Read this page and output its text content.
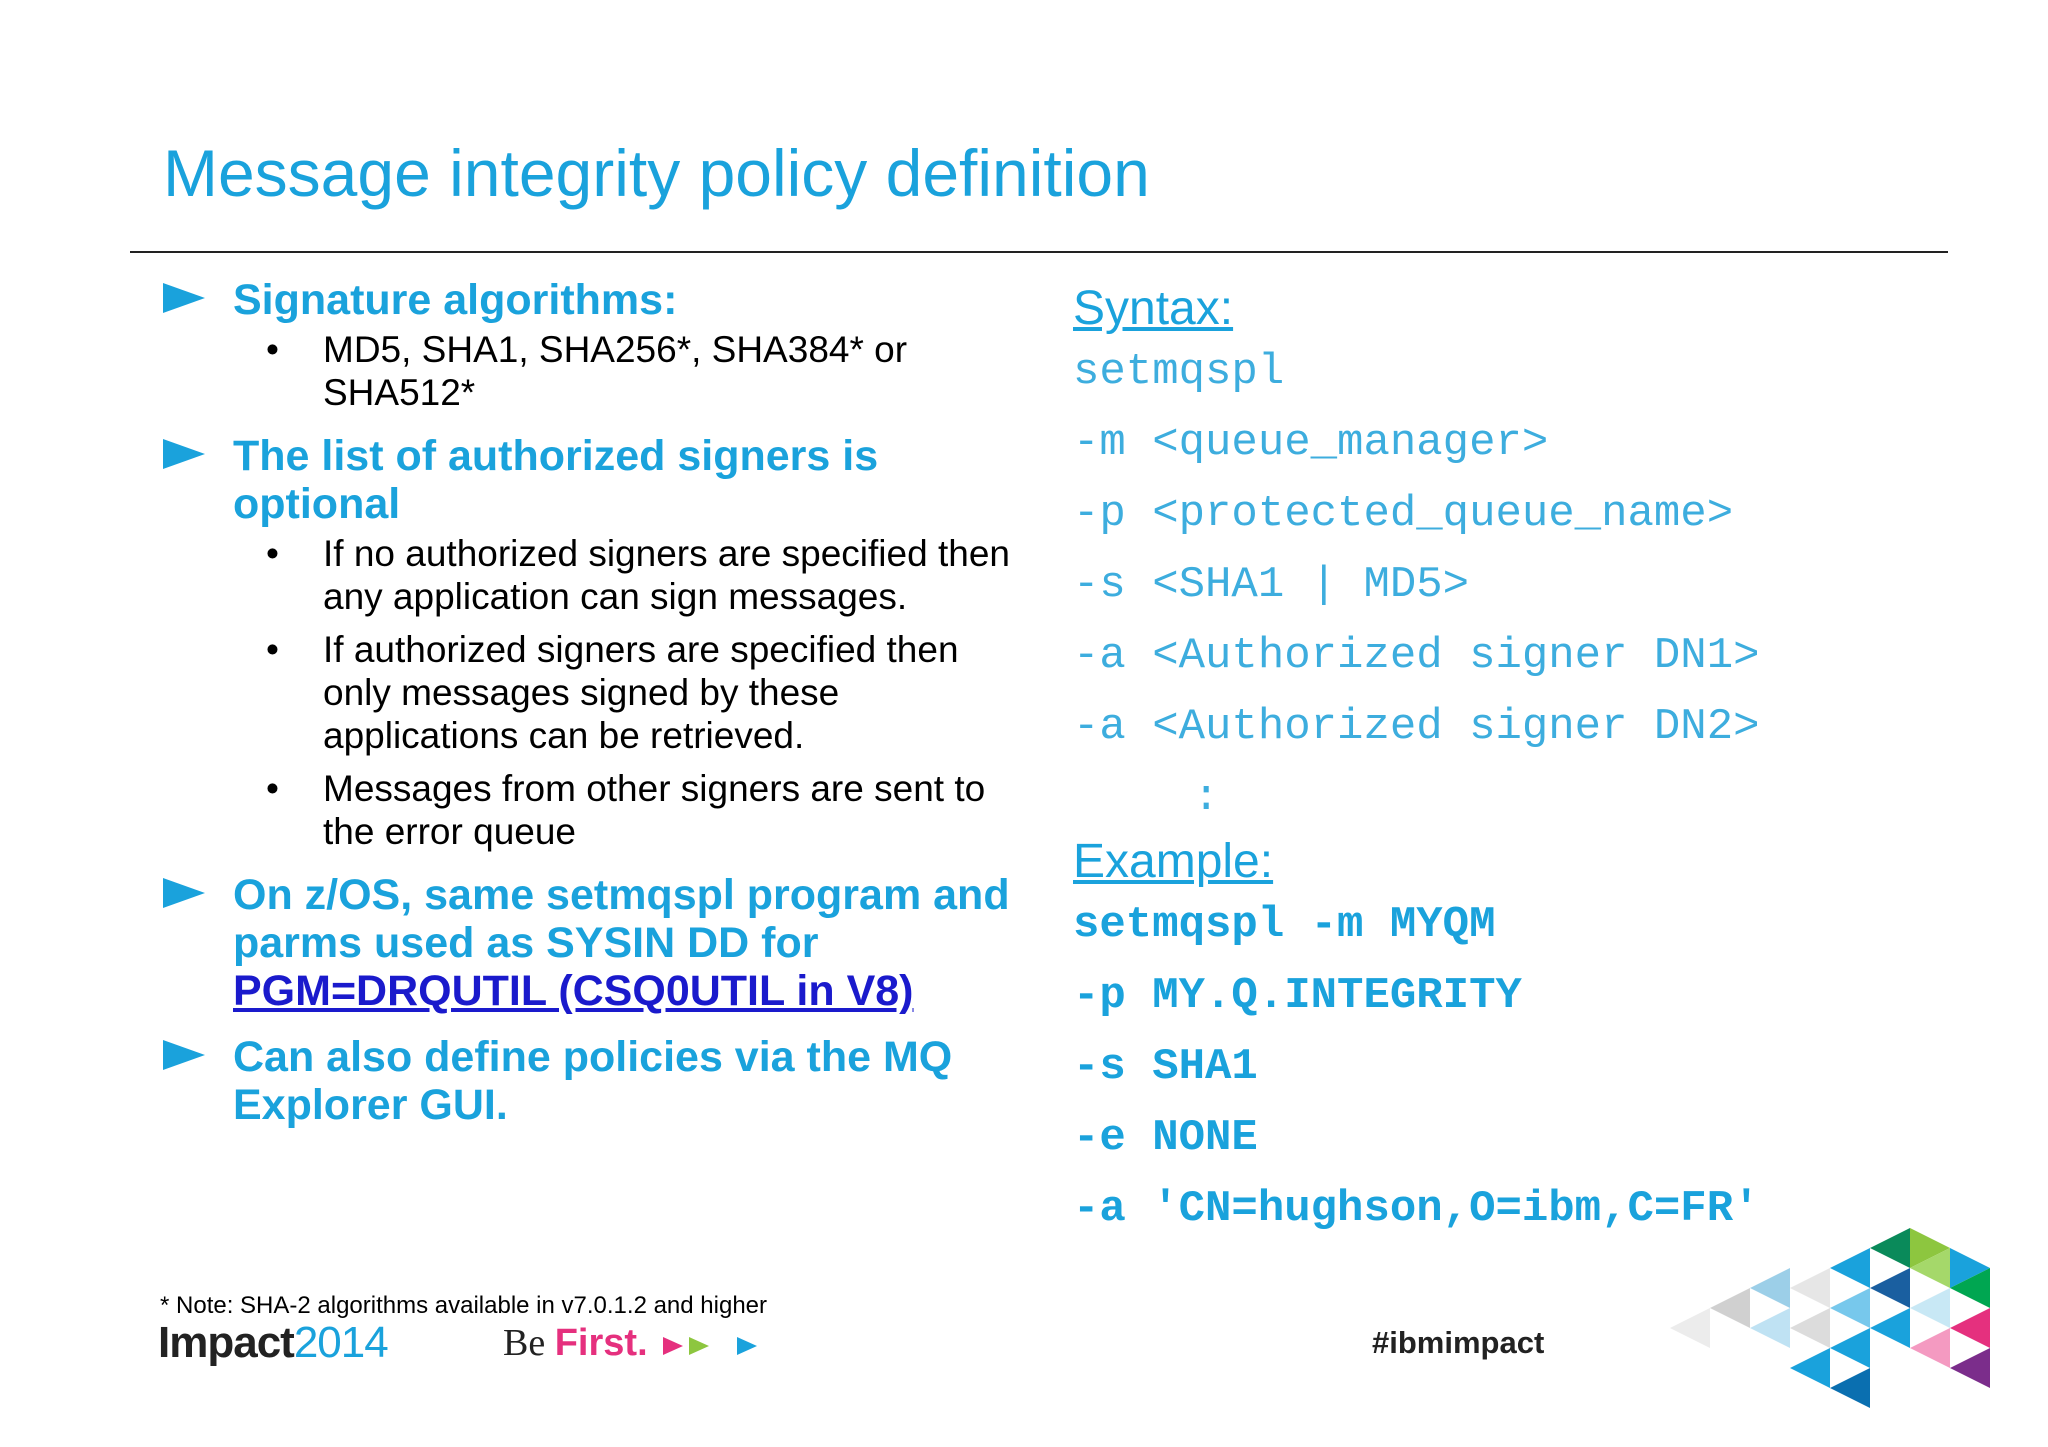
Message integrity policy definition
Signature algorithms:
• MD5, SHA1, SHA256*, SHA384* or SHA512*
The list of authorized signers is optional
• If no authorized signers are specified then any application can sign messages.
• If authorized signers are specified then only messages signed by these applications can be retrieved.
• Messages from other signers are sent to the error queue
On z/OS, same setmqspl program and parms used as SYSIN DD for PGM=DRQUTIL (CSQ0UTIL in V8)
Can also define policies via the MQ Explorer GUI.
Syntax:
setmqspl
-m <queue_manager>
-p <protected_queue_name>
-s <SHA1 | MD5>
-a <Authorized signer DN1>
-a <Authorized signer DN2>
:
Example:
setmqspl -m MYQM
-p MY.Q.INTEGRITY
-s SHA1
-e NONE
-a 'CN=hughson,O=ibm,C=FR'
* Note: SHA-2 algorithms available in v7.0.1.2 and higher
Impact2014	Be First.	#ibmimpact
